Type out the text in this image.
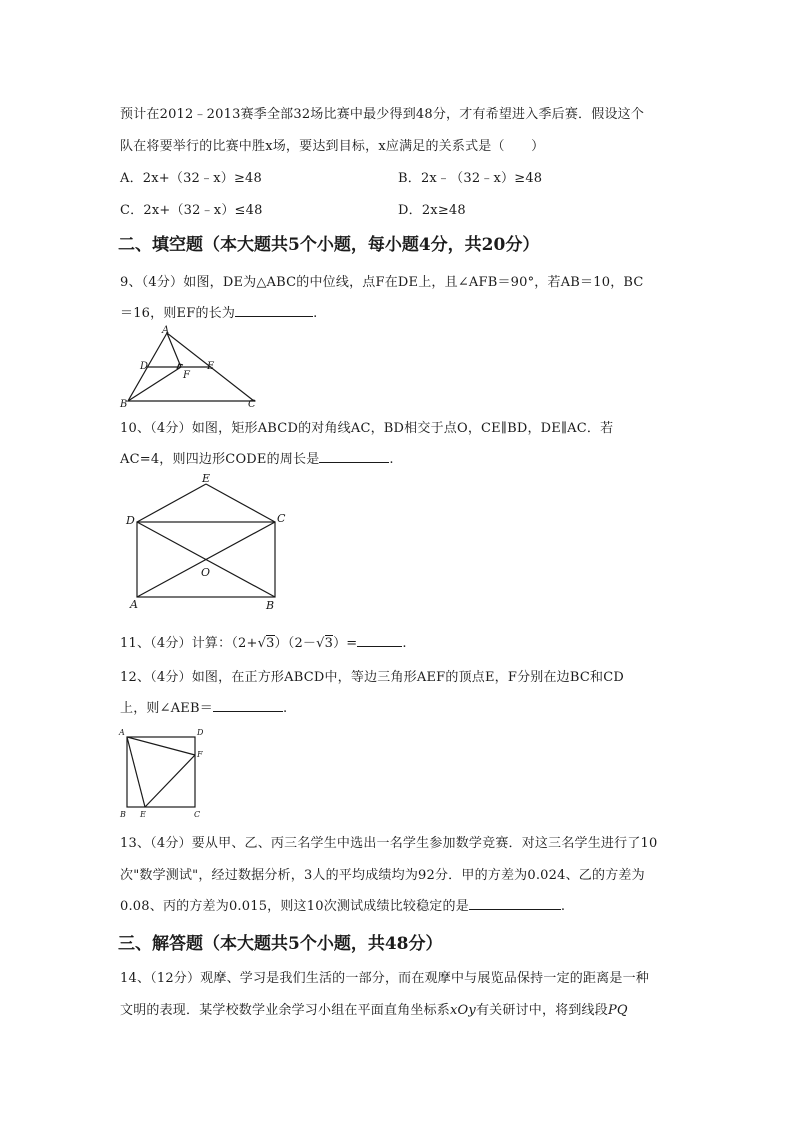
预计在2012﹣2013赛季全部32场比赛中最少得到48分，才有希望进入季后赛．假设这个
队在将要举行的比赛中胜x场，要达到目标，x应满足的关系式是（　　）
A．2x+（32﹣x）≥48	B．2x﹣（32﹣x）≥48
C．2x+（32﹣x）≤48	D．2x≥48
二、填空题（本大题共5个小题，每小题4分，共20分）
9、（4分）如图，DE为△ABC的中位线，点F在DE上，且∠AFB＝90°，若AB＝10，BC
＝16，则EF的长为	.
A
D	E
F
B	C
10、（4分）如图，矩形ABCD的对角线AC，BD相交于点O，CE∥BD，DE∥AC．若
AC=4，则四边形CODE的周长是	.
E
D	C
O
A	B
11、（4分）计算：（2+√3）（2－√3）=	.
12、（4分）如图，在正方形ABCD中，等边三角形AEF的顶点E，F分别在边BC和CD
上，则∠AEB＝	.
A	D
F
B E	C
13、（4分）要从甲、乙、丙三名学生中选出一名学生参加数学竞赛．对这三名学生进行了10
次"数学测试"，经过数据分析，3人的平均成绩均为92分．甲的方差为0.024、乙的方差为
0.08、丙的方差为0.015，则这10次测试成绩比较稳定的是	.
三、解答题（本大题共5个小题，共48分）
14、（12分）观摩、学习是我们生活的一部分，而在观摩中与展览品保持一定的距离是一种
文明的表现．某学校数学业余学习小组在平面直角坐标系xOy有关研讨中，将到线段PQ
